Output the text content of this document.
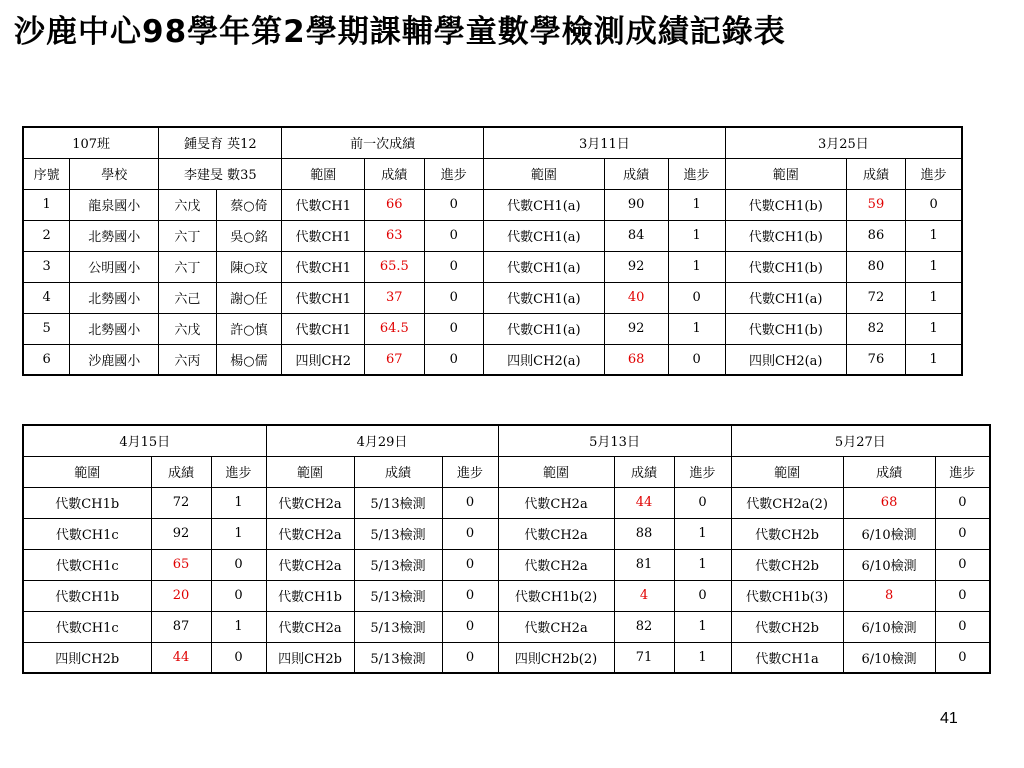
沙鹿中心98學年第2學期課輔學童數學檢測成績記錄表
107班		鍾旻育 英12		前一次成績			3月11日			3月25日		
序號	學校	李建旻 數35		範圍	成績	進步	範圍	成績	進步	範圍	成績	進步
1	龍泉國小	六戊	蔡○倚	代數CH1	66	0	代數CH1(a)	90	1	代數CH1(b)	59	0
2	北勢國小	六丁	吳○銘	代數CH1	63	0	代數CH1(a)	84	1	代數CH1(b)	86	1
3	公明國小	六丁	陳○玟	代數CH1	65.5	0	代數CH1(a)	92	1	代數CH1(b)	80	1
4	北勢國小	六己	謝○任	代數CH1	37	0	代數CH1(a)	40	0	代數CH1(a)	72	1
5	北勢國小	六戊	許○慎	代數CH1	64.5	0	代數CH1(a)	92	1	代數CH1(b)	82	1
6	沙鹿國小	六丙	楊○儒	四則CH2	67	0	四則CH2(a)	68	0	四則CH2(a)	76	1
4月15日			4月29日			5月13日			5月27日		
範圍	成績	進步	範圍	成績	進步	範圍	成績	進步	範圍	成績	進步
代數CH1b	72	1	代數CH2a	5/13檢測	0	代數CH2a	44	0	代數CH2a(2)	68	0
代數CH1c	92	1	代數CH2a	5/13檢測	0	代數CH2a	88	1	代數CH2b	6/10檢測	0
代數CH1c	65	0	代數CH2a	5/13檢測	0	代數CH2a	81	1	代數CH2b	6/10檢測	0
代數CH1b	20	0	代數CH1b	5/13檢測	0	代數CH1b(2)	4	0	代數CH1b(3)	8	0
代數CH1c	87	1	代數CH2a	5/13檢測	0	代數CH2a	82	1	代數CH2b	6/10檢測	0
四則CH2b	44	0	四則CH2b	5/13檢測	0	四則CH2b(2)	71	1	代數CH1a	6/10檢測	0
41
